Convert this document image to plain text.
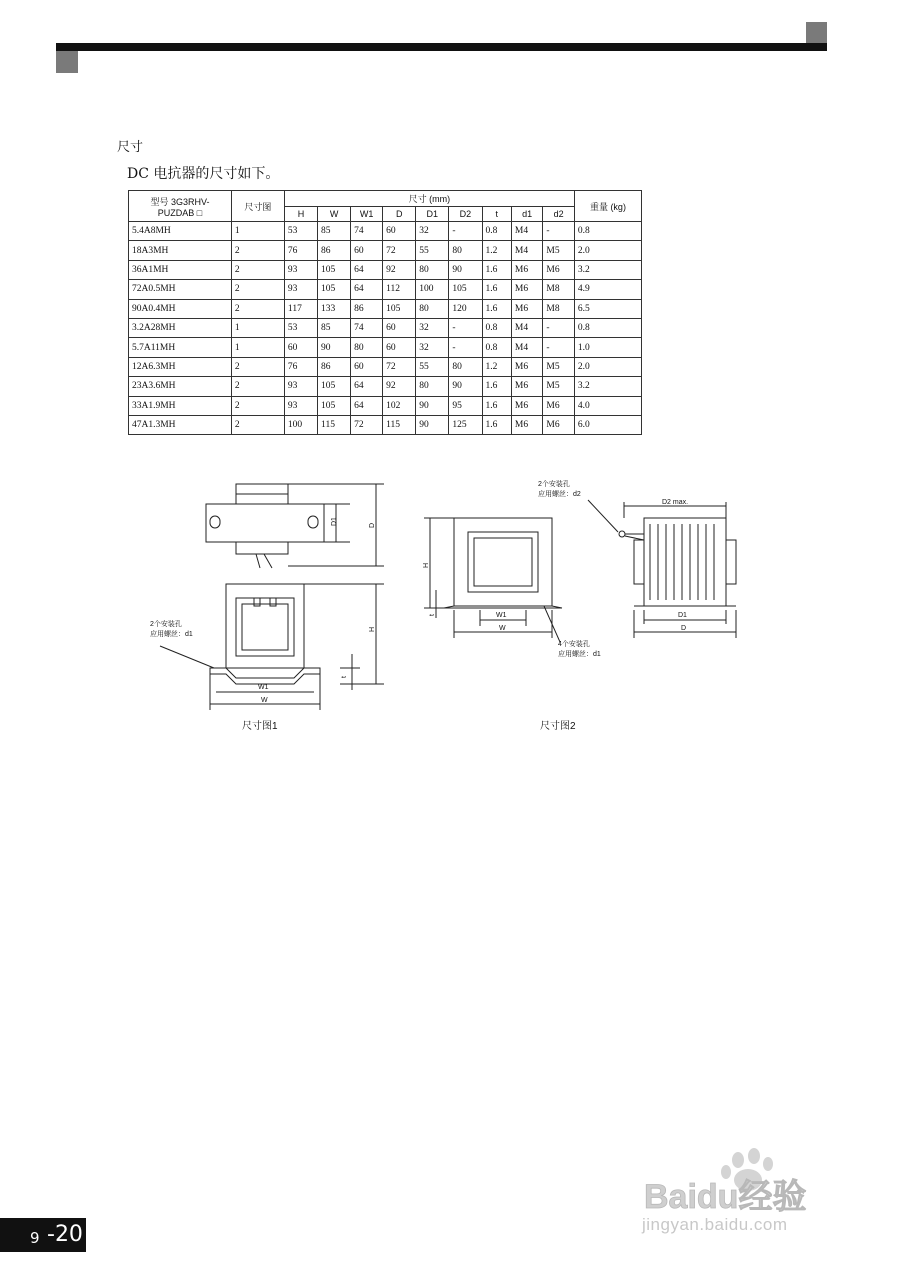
尺寸
DC 电抗器的尺寸如下。
型号 3G3RHV-
PUZDAB □	尺寸图	尺寸 (mm)									重量 (kg)
		H	W	W1	D	D1	D2	t	d1	d2	
5.4A8MH	1	53	85	74	60	32	-	0.8	M4	-	0.8
18A3MH	2	76	86	60	72	55	80	1.2	M4	M5	2.0
36A1MH	2	93	105	64	92	80	90	1.6	M6	M6	3.2
72A0.5MH	2	93	105	64	112	100	105	1.6	M6	M8	4.9
90A0.4MH	2	117	133	86	105	80	120	1.6	M6	M8	6.5
3.2A28MH	1	53	85	74	60	32	-	0.8	M4	-	0.8
5.7A11MH	1	60	90	80	60	32	-	0.8	M4	-	1.0
12A6.3MH	2	76	86	60	72	55	80	1.2	M6	M5	2.0
23A3.6MH	2	93	105	64	92	80	90	1.6	M6	M5	3.2
33A1.9MH	2	93	105	64	102	90	95	1.6	M6	M6	4.0
47A1.3MH	2	100	115	72	115	90	125	1.6	M6	M6	6.0
D1	D
H
t
W1
W
H
t	W1
W
D1
D
D2 max.
2个安装孔
应用螺丝：d1
2个安装孔
应用螺丝：d2
4个安装孔
应用螺丝：d1
尺寸图1	尺寸图2
9 -20
Baidu经验
jingyan.baidu.com
